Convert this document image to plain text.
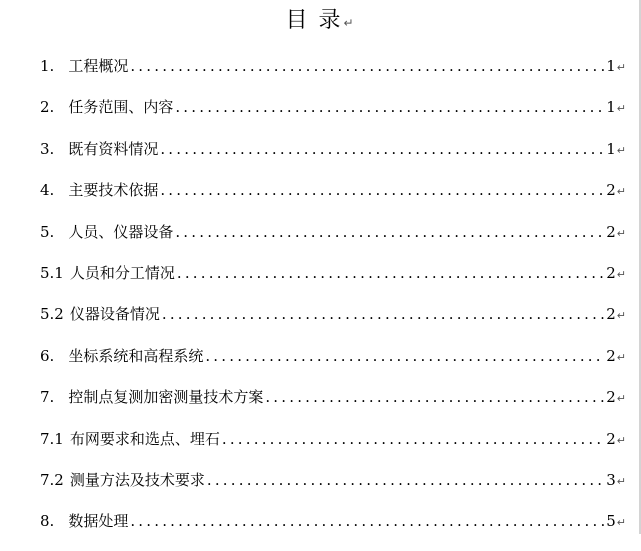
目 录↵
1. 工程概况 .....	1↵
2. 任务范围、内容 .....	1↵
3. 既有资料情况 .....	1↵
4. 主要技术依据 .....	2↵
5. 人员、仪器设备 .....	2↵
5.1 人员和分工情况 .....	2↵
5.2 仪器设备情况 .....	2↵
6. 坐标系统和高程系统 .....	2↵
7. 控制点复测加密测量技术方案 .....	2↵
7.1 布网要求和选点、埋石 .....	2↵
7.2 测量方法及技术要求 .....	3↵
8. 数据处理 .....	5↵
